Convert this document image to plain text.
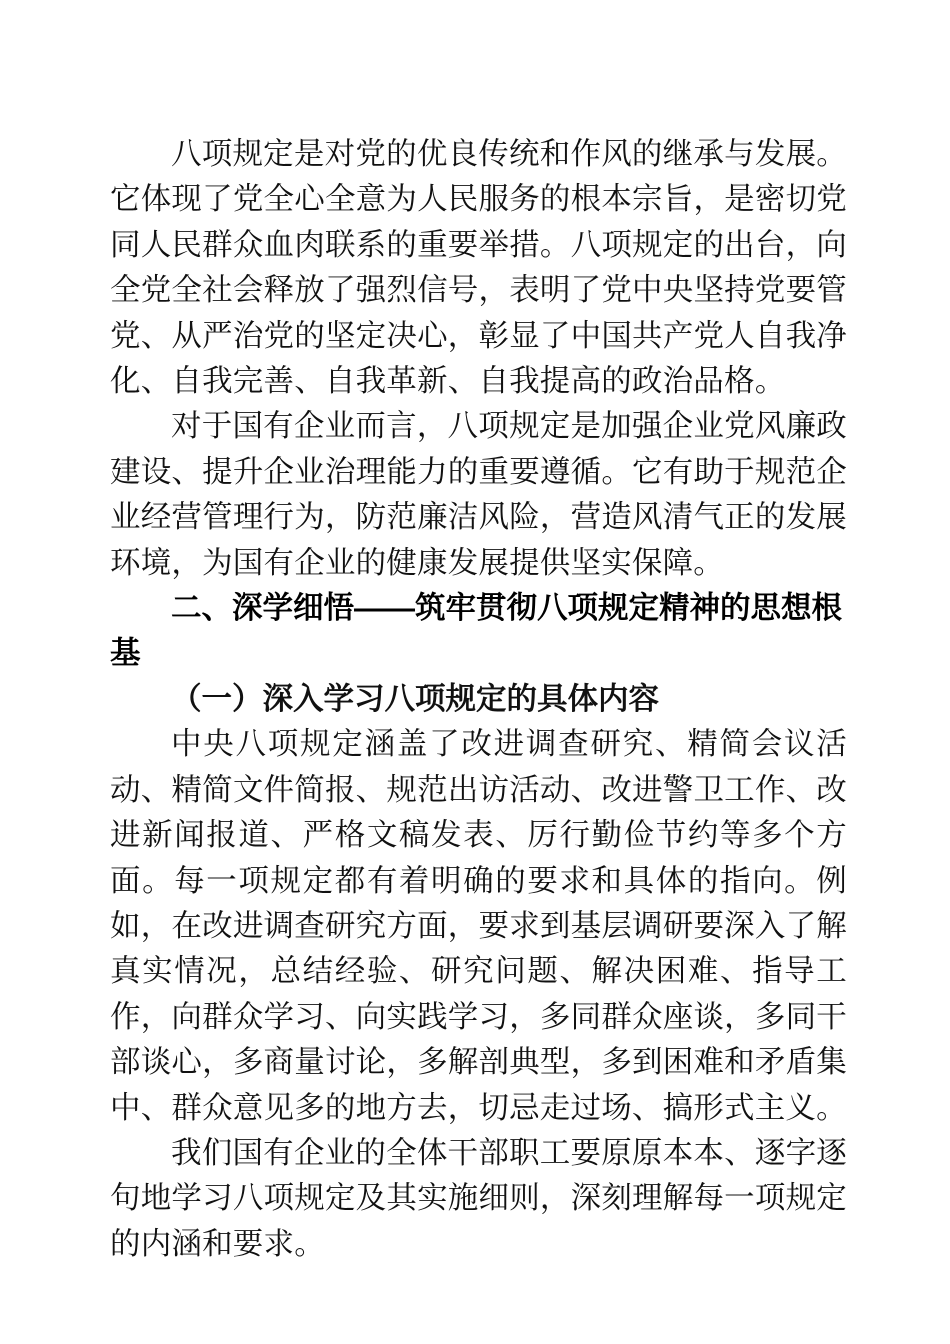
八项规定是对党的优良传统和作风的继承与发展。它体现了党全心全意为人民服务的根本宗旨，是密切党同人民群众血肉联系的重要举措。八项规定的出台，向全党全社会释放了强烈信号，表明了党中央坚持党要管党、从严治党的坚定决心，彰显了中国共产党人自我净化、自我完善、自我革新、自我提高的政治品格。

对于国有企业而言，八项规定是加强企业党风廉政建设、提升企业治理能力的重要遵循。它有助于规范企业经营管理行为，防范廉洁风险，营造风清气正的发展环境，为国有企业的健康发展提供坚实保障。

二、深学细悟——筑牢贯彻八项规定精神的思想根基
（一）深入学习八项规定的具体内容

中央八项规定涵盖了改进调查研究、精简会议活动、精简文件简报、规范出访活动、改进警卫工作、改进新闻报道、严格文稿发表、厉行勤俭节约等多个方面。每一项规定都有着明确的要求和具体的指向。例如，在改进调查研究方面，要求到基层调研要深入了解真实情况，总结经验、研究问题、解决困难、指导工作，向群众学习、向实践学习，多同群众座谈，多同干部谈心，多商量讨论，多解剖典型，多到困难和矛盾集中、群众意见多的地方去，切忌走过场、搞形式主义。

我们国有企业的全体干部职工要原原本本、逐字逐句地学习八项规定及其实施细则，深刻理解每一项规定的内涵和要求。
